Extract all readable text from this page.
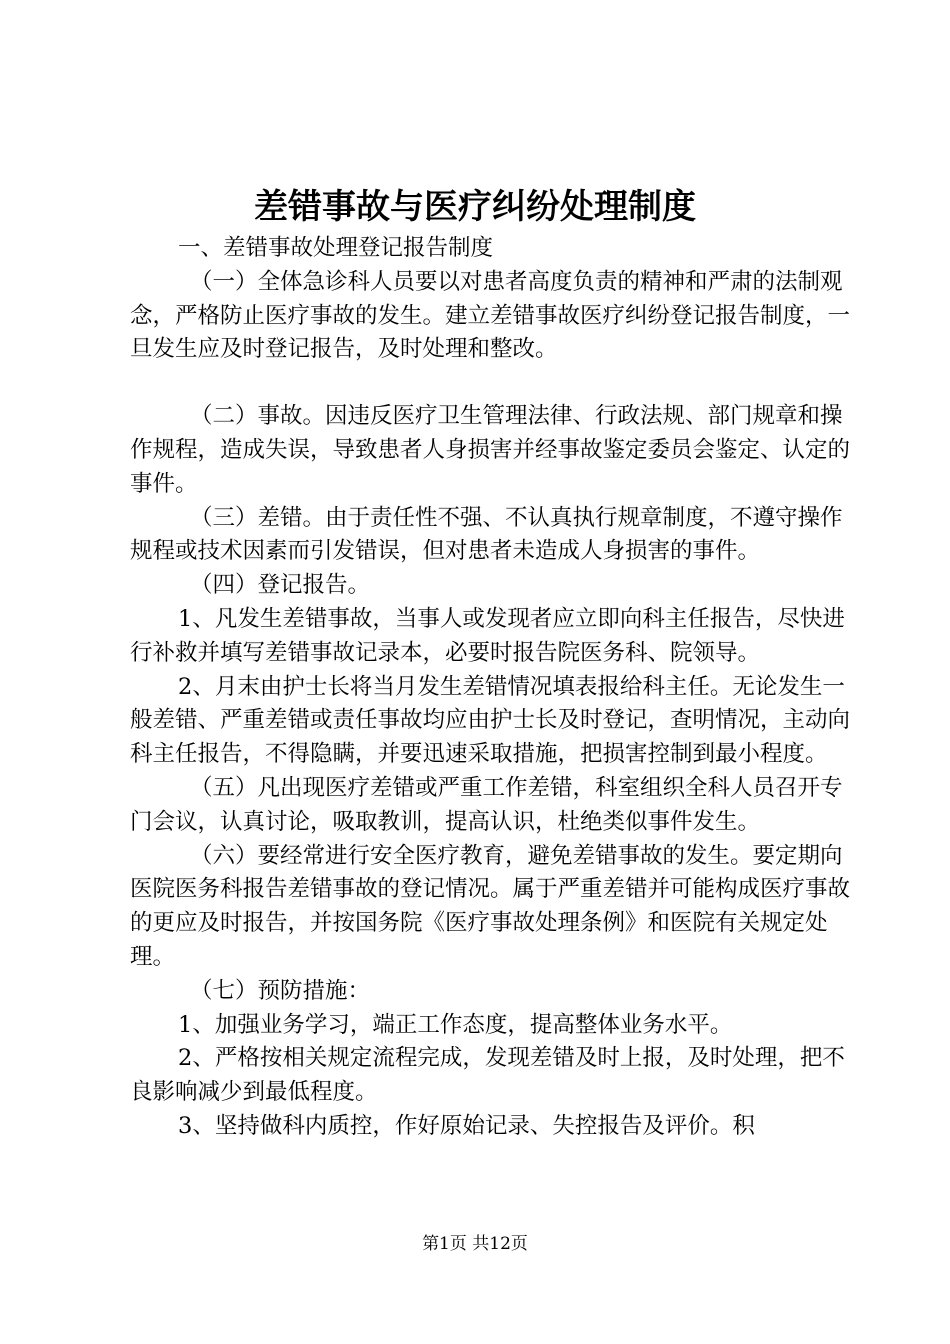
差错事故与医疗纠纷处理制度

一、差错事故处理登记报告制度

（一）全体急诊科人员要以对患者高度负责的精神和严肃的法制观念，严格防止医疗事故的发生。建立差错事故医疗纠纷登记报告制度，一旦发生应及时登记报告，及时处理和整改。

（二）事故。因违反医疗卫生管理法律、行政法规、部门规章和操作规程，造成失误，导致患者人身损害并经事故鉴定委员会鉴定、认定的事件。

（三）差错。由于责任性不强、不认真执行规章制度，不遵守操作规程或技术因素而引发错误，但对患者未造成人身损害的事件。

（四）登记报告。

1、凡发生差错事故，当事人或发现者应立即向科主任报告，尽快进行补救并填写差错事故记录本，必要时报告院医务科、院领导。

2、月末由护士长将当月发生差错情况填表报给科主任。无论发生一般差错、严重差错或责任事故均应由护士长及时登记，查明情况，主动向科主任报告，不得隐瞒，并要迅速采取措施，把损害控制到最小程度。

（五）凡出现医疗差错或严重工作差错，科室组织全科人员召开专门会议，认真讨论，吸取教训，提高认识，杜绝类似事件发生。

（六）要经常进行安全医疗教育，避免差错事故的发生。要定期向医院医务科报告差错事故的登记情况。属于严重差错并可能构成医疗事故的更应及时报告，并按国务院《医疗事故处理条例》和医院有关规定处理。

（七）预防措施：

1、加强业务学习，端正工作态度，提高整体业务水平。

2、严格按相关规定流程完成，发现差错及时上报，及时处理，把不良影响减少到最低程度。

3、坚持做科内质控，作好原始记录、失控报告及评价。积

第1页 共12页
